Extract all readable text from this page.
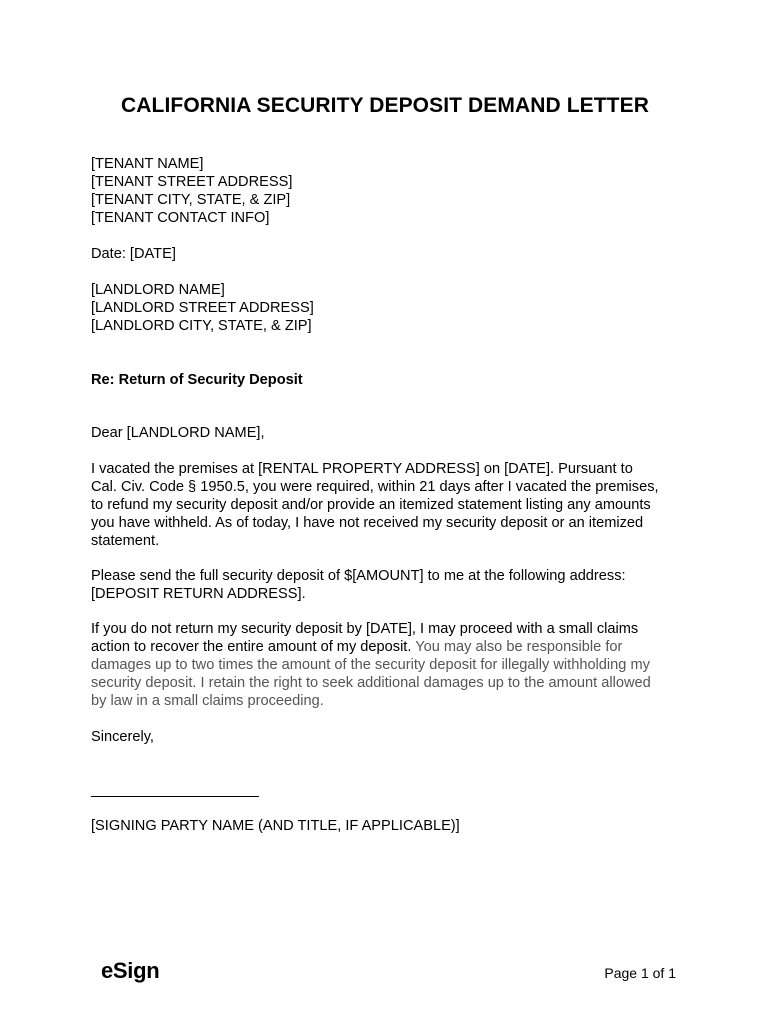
CALIFORNIA SECURITY DEPOSIT DEMAND LETTER
[TENANT NAME]
[TENANT STREET ADDRESS]
[TENANT CITY, STATE, & ZIP]
[TENANT CONTACT INFO]
Date: [DATE]
[LANDLORD NAME]
[LANDLORD STREET ADDRESS]
[LANDLORD CITY, STATE, & ZIP]
Re: Return of Security Deposit
Dear [LANDLORD NAME],
I vacated the premises at [RENTAL PROPERTY ADDRESS] on [DATE]. Pursuant to
Cal. Civ. Code § 1950.5, you were required, within 21 days after I vacated the premises,
to refund my security deposit and/or provide an itemized statement listing any amounts
you have withheld. As of today, I have not received my security deposit or an itemized
statement.
Please send the full security deposit of $[AMOUNT] to me at the following address:
[DEPOSIT RETURN ADDRESS].
If you do not return my security deposit by [DATE], I may proceed with a small claims
action to recover the entire amount of my deposit. You may also be responsible for
damages up to two times the amount of the security deposit for illegally withholding my
security deposit. I retain the right to seek additional damages up to the amount allowed
by law in a small claims proceeding.
Sincerely,
[SIGNING PARTY NAME (AND TITLE, IF APPLICABLE)]
eSign	Page 1 of 1
